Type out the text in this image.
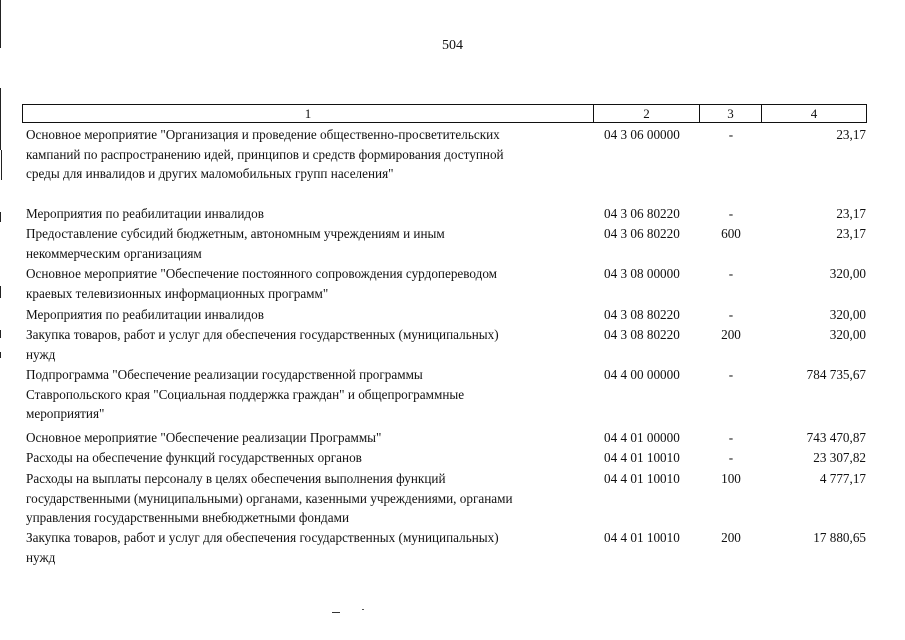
504
1	2	3	4
Основное мероприятие "Организация и проведение общественно-просветительских
кампаний по распространению идей, принципов и средств формирования доступной
среды для инвалидов и других маломобильных групп населения"
04 3 06 00000	-	23,17
Мероприятия по реабилитации инвалидов	04 3 06 80220	-	23,17
Предоставление субсидий бюджетным, автономным учреждениям и иным
некоммерческим организациям
04 3 06 80220	600	23,17
Основное мероприятие "Обеспечение постоянного сопровождения сурдопереводом
краевых телевизионных информационных программ"
04 3 08 00000	-	320,00
Мероприятия по реабилитации инвалидов	04 3 08 80220	-	320,00
Закупка товаров, работ и услуг для обеспечения государственных (муниципальных)
нужд
04 3 08 80220	200	320,00
Подпрограмма "Обеспечение реализации государственной программы
Ставропольского края "Социальная поддержка граждан" и общепрограммные
мероприятия"
04 4 00 00000	-	784 735,67
Основное мероприятие "Обеспечение реализации Программы"	04 4 01 00000	-	743 470,87
Расходы на обеспечение функций государственных органов	04 4 01 10010	-	23 307,82
Расходы на выплаты персоналу в целях обеспечения выполнения функций
государственными (муниципальными) органами, казенными учреждениями, органами
управления государственными внебюджетными фондами
04 4 01 10010	100	4 777,17
Закупка товаров, работ и услуг для обеспечения государственных (муниципальных)
нужд
04 4 01 10010	200	17 880,65
